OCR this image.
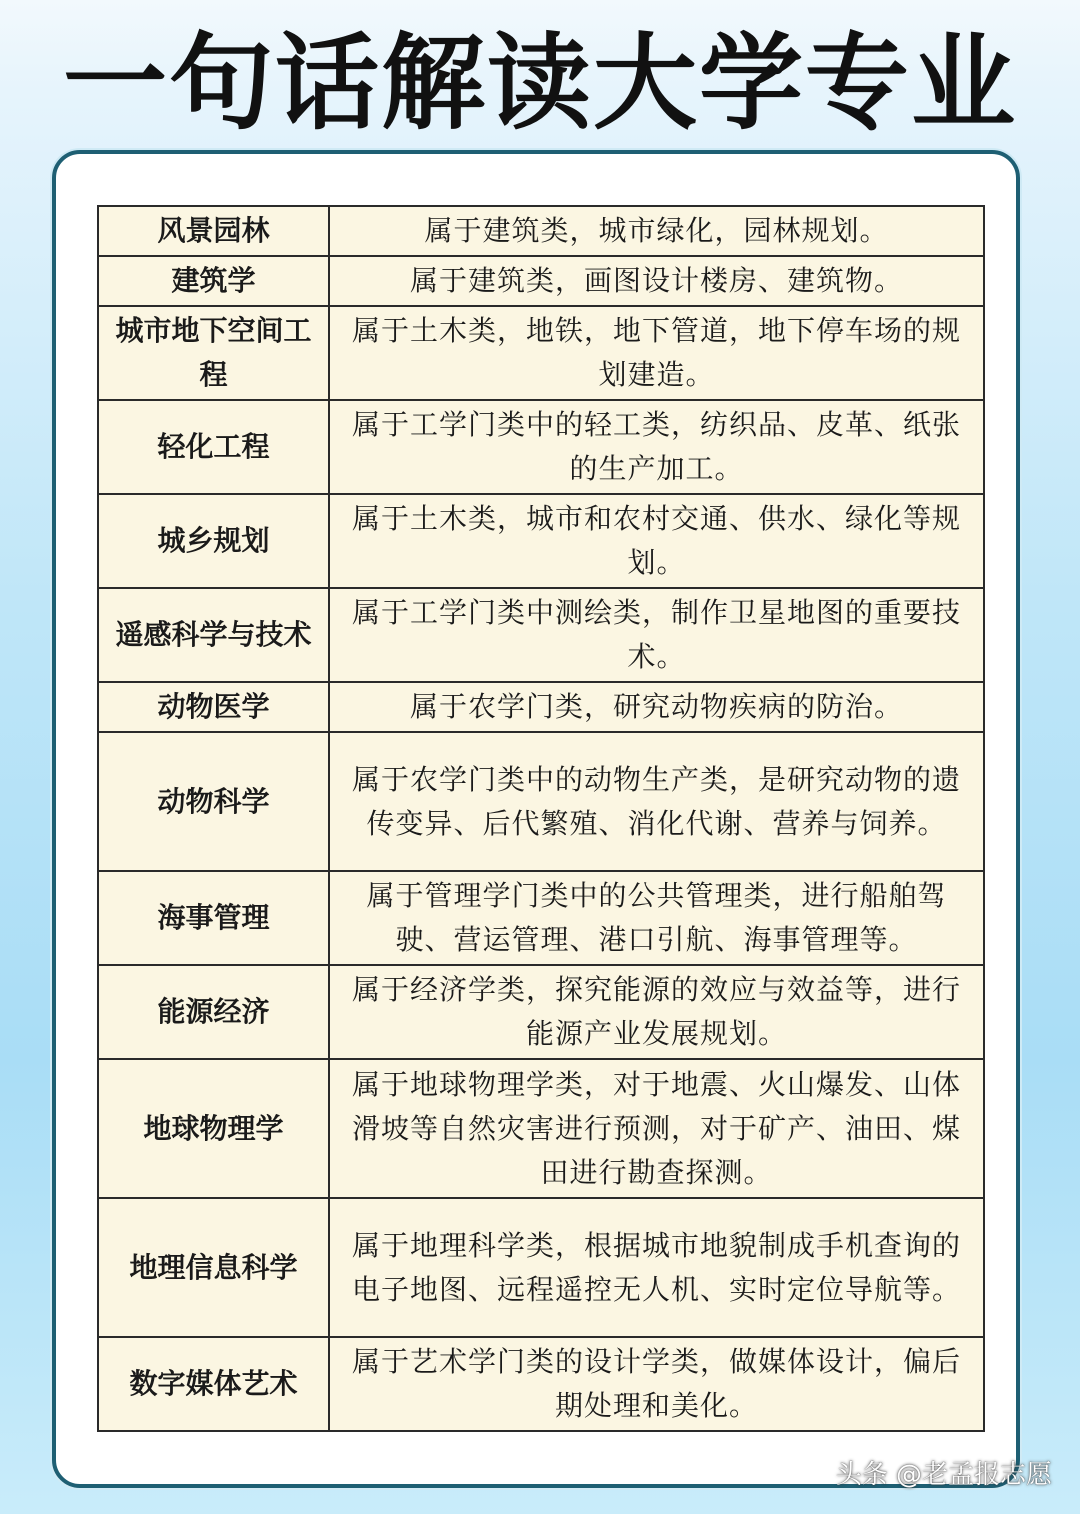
一句话解读大学专业
风景园林	属于建筑类，城市绿化，园林规划。
建筑学	属于建筑类，画图设计楼房、建筑物。
城市地下空间工程	属于土木类，地铁，地下管道，地下停车场的规划建造。
轻化工程	属于工学门类中的轻工类，纺织品、皮革、纸张的生产加工。
城乡规划	属于土木类，城市和农村交通、供水、绿化等规划。
遥感科学与技术	属于工学门类中测绘类，制作卫星地图的重要技术。
动物医学	属于农学门类，研究动物疾病的防治。
动物科学	属于农学门类中的动物生产类，是研究动物的遗传变异、后代繁殖、消化代谢、营养与饲养。
海事管理	属于管理学门类中的公共管理类，进行船舶驾驶、营运管理、港口引航、海事管理等。
能源经济	属于经济学类，探究能源的效应与效益等，进行能源产业发展规划。
地球物理学	属于地球物理学类，对于地震、火山爆发、山体滑坡等自然灾害进行预测，对于矿产、油田、煤田进行勘查探测。
地理信息科学	属于地理科学类，根据城市地貌制成手机查询的电子地图、远程遥控无人机、实时定位导航等。
数字媒体艺术	属于艺术学门类的设计学类，做媒体设计，偏后期处理和美化。
头条 @老孟报志愿
